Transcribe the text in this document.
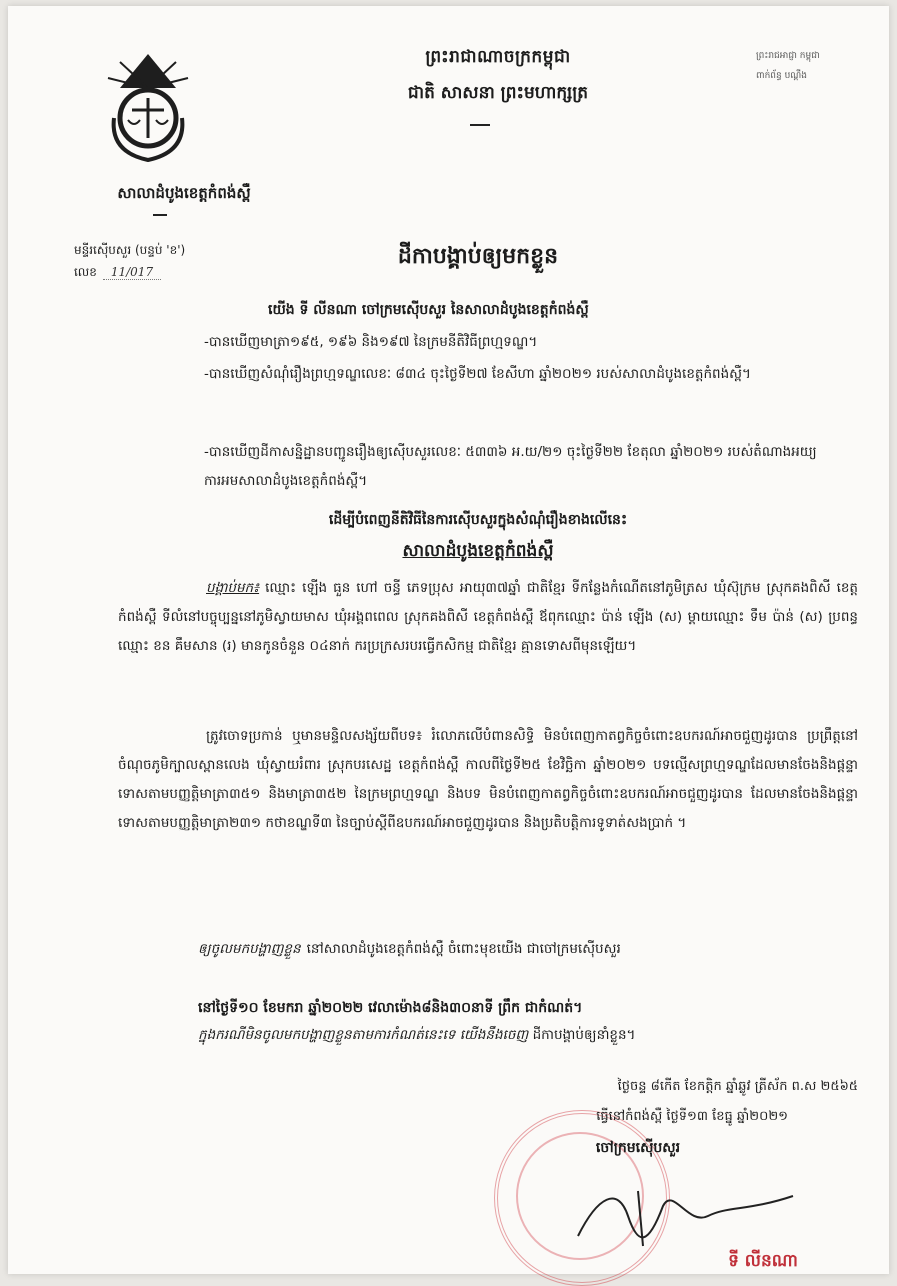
សាលាដំបូងខេត្តកំពង់ស្ពឺ
ព្រះរាជាណាចក្រកម្ពុជា
ជាតិ សាសនា ព្រះមហាក្សត្រ
ព្រះរាជអាជ្ញា កម្ពុជា
ពាក់ព័ន្ធ បណ្តឹង
មន្ទីរស៊ើបសួរ (បន្ទប់ 'ខ')
លេខ	11/017
ដីកាបង្គាប់ឲ្យមកខ្លួន
យើង ទី លីនណា ចៅក្រមស៊ើបសួរ នៃសាលាដំបូងខេត្តកំពង់ស្ពឺ
-បានឃើញមាត្រា១៩៥, ១៩៦ និង១៩៧ នៃក្រមនីតិវិធីព្រហ្មទណ្ឌ។
-បានឃើញសំណុំរឿងព្រហ្មទណ្ឌលេខៈ ៨៣៤ ចុះថ្ងៃទី២៧ ខែសីហា ឆ្នាំ២០២១ របស់សាលាដំបូងខេត្តកំពង់ស្ពឺ។
-បានឃើញដីកាសន្និដ្ឋានបញ្ជូនរឿងឲ្យស៊ើបសួរលេខៈ ៥៣៣៦ អ.យ/២១ ចុះថ្ងៃទី២២ ខែតុលា ឆ្នាំ២០២១ របស់តំណាងអយ្យការអមសាលាដំបូងខេត្តកំពង់ស្ពឺ។
ដើម្បីបំពេញនីតិវិធីនៃការស៊ើបសួរក្នុងសំណុំរឿងខាងលើនេះ
សាលាដំបូងខេត្តកំពង់ស្ពឺ
បង្គាប់មក៖ ឈ្មោះ ឡើង ធួន ហៅ ចន្ធី ភេទប្រុស អាយុ៣៧ឆ្នាំ ជាតិខ្មែរ ទីកន្លែងកំណើតនៅភូមិត្រស ឃុំស៊ុក្រម ស្រុកគងពិសី ខេត្តកំពង់ស្ពឺ ទីលំនៅបច្ចុប្បន្ននៅភូមិស្វាយមាស ឃុំអង្គពពេល ស្រុកគងពិសី ខេត្តកំពង់ស្ពឺ ឪពុកឈ្មោះ ប៉ាន់ ឡើង (ស) ម្តាយឈ្មោះ ទឹម ប៉ាន់ (ស) ប្រពន្ធឈ្មោះ ខន គឹមសាន (រ) មានកូនចំនួន ០៤នាក់ ករប្រក្រសរបរធ្វើកសិកម្ម ជាតិខ្មែរ គ្មានទោសពីមុនឡើយ។
ត្រូវចោទប្រកាន់ ឬមានមន្ទិលសង្ស័យពីបទ៖ រំលោភលើបំពានសិទ្ធិ មិនបំពេញកាតព្វកិច្ចចំពោះឧបករណ៍អាចជួញដូរបាន ប្រព្រឹត្តនៅចំណុចភូមិក្បាលស្ពានលេង ឃុំស្វាយរំពារ ស្រុកបរសេដ្ឋ ខេត្តកំពង់ស្ពឺ កាលពីថ្ងៃទី២៥ ខែវិច្ឆិកា ឆ្នាំ២០២១ បទល្មើសព្រហ្មទណ្ឌដែលមានចែងនិងផ្តន្ទាទោសតាមបញ្ញត្តិមាត្រា៣៥១ និងមាត្រា៣៥២ នៃក្រមព្រហ្មទណ្ឌ និងបទ មិនបំពេញកាតព្វកិច្ចចំពោះឧបករណ៍អាចជួញដូរបាន ដែលមានចែងនិងផ្តន្ទាទោសតាមបញ្ញត្តិមាត្រា២៣១ កថាខណ្ឌទី៣ នៃច្បាប់ស្តីពីឧបករណ៍អាចជួញដូរបាន និងប្រតិបត្តិការទូទាត់សងប្រាក់ ។
ឲ្យចូលមកបង្ហាញខ្លួន នៅសាលាដំបូងខេត្តកំពង់ស្ពឺ ចំពោះមុខយើង ជាចៅក្រមស៊ើបសួរ
នៅថ្ងៃទី១០ ខែមករា ឆ្នាំ២០២២ វេលាម៉ោង៨និង៣០នាទី ព្រឹក ជាកំណត់។
ក្នុងករណីមិនចូលមកបង្ហាញខ្លួនតាមការកំណត់នេះទេ យើងនឹងចេញ ដីកាបង្គាប់ឲ្យនាំខ្លួន។
ថ្ងៃចន្ទ ៨កើត ខែកត្តិក ឆ្នាំឆ្លូវ ត្រីស័ក ព.ស ២៥៦៥
ធ្វើនៅកំពង់ស្ពឺ ថ្ងៃទី១៣ ខែធ្នូ ឆ្នាំ២០២១
ចៅក្រមស៊ើបសួរ
ទី លីនណា
